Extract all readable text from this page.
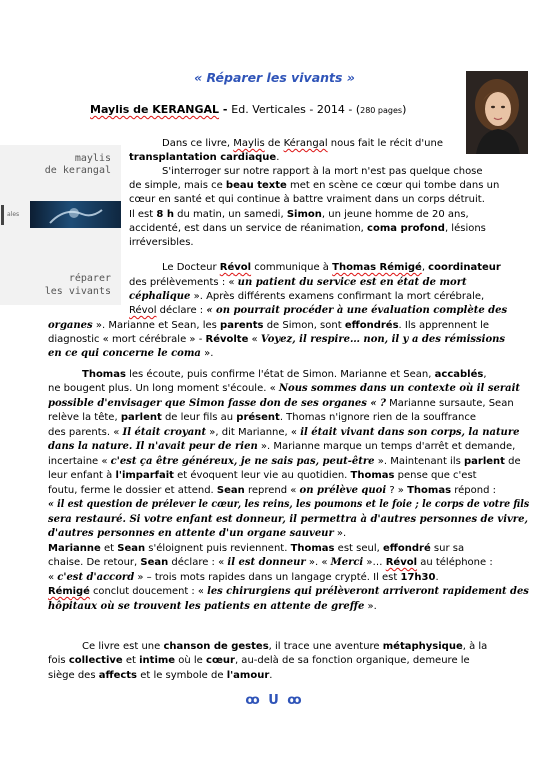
« Réparer les vivants »
Maylis de KERANGAL - Ed. Verticales - 2014 - (280 pages)
maylis
de kerangal
ales
réparer
les vivants
Dans ce livre, Maylis de Kérangal nous fait le récit d'une
transplantation cardiaque.
S'interroger sur notre rapport à la mort n'est pas quelque chose
de simple, mais ce beau texte met en scène ce cœur qui tombe dans un
cœur en santé et qui continue à battre vraiment dans un corps détruit.
Il est 8 h du matin, un samedi, Simon, un jeune homme de 20 ans,
accidenté, est dans un service de réanimation, coma profond, lésions
irréversibles.
Le Docteur Révol communique à Thomas Rémigé, coordinateur
des prélèvements : « un patient du service est en état de mort
céphalique ». Après différents examens confirmant la mort cérébrale,
Révol déclare : « on pourrait procéder à une évaluation complète des
organes ». Marianne et Sean, les parents de Simon, sont effondrés. Ils apprennent le
diagnostic « mort cérébrale » - Révolte « Voyez, il respire… non, il y a des rémissions
en ce qui concerne le coma ».
Thomas les écoute, puis confirme l'état de Simon. Marianne et Sean, accablés,
ne bougent plus. Un long moment s'écoule. « Nous sommes dans un contexte où il serait
possible d'envisager que Simon fasse don de ses organes « ? Marianne sursaute, Sean
relève la tête, parlent de leur fils au présent. Thomas n'ignore rien de la souffrance
des parents. « Il était croyant », dit Marianne, « il était vivant dans son corps, la nature
dans la nature. Il n'avait peur de rien ». Marianne marque un temps d'arrêt et demande,
incertaine « c'est ça être généreux, je ne sais pas, peut-être ». Maintenant ils parlent de
leur enfant à l'imparfait et évoquent leur vie au quotidien. Thomas pense que c'est
foutu, ferme le dossier et attend. Sean reprend « on prélève quoi ? » Thomas répond :
« il est question de prélever le cœur, les reins, les poumons et le foie ; le corps de votre fils
sera restauré. Si votre enfant est donneur, il permettra à d'autres personnes de vivre,
d'autres personnes en attente d'un organe sauveur ».
Marianne et Sean s'éloignent puis reviennent. Thomas est seul, effondré sur sa
chaise. De retour, Sean déclare : « il est donneur ». « Merci »… Révol au téléphone :
« c'est d'accord » – trois mots rapides dans un langage crypté. Il est 17h30.
Rémigé conclut doucement : « les chirurgiens qui prélèveront arriveront rapidement des
hôpitaux où se trouvent les patients en attente de greffe ».
Ce livre est une chanson de gestes, il trace une aventure métaphysique, à la
fois collective et intime où le cœur, au-delà de sa fonction organique, demeure le
siège des affects et le symbole de l'amour.
ꝏ U ꝏ
